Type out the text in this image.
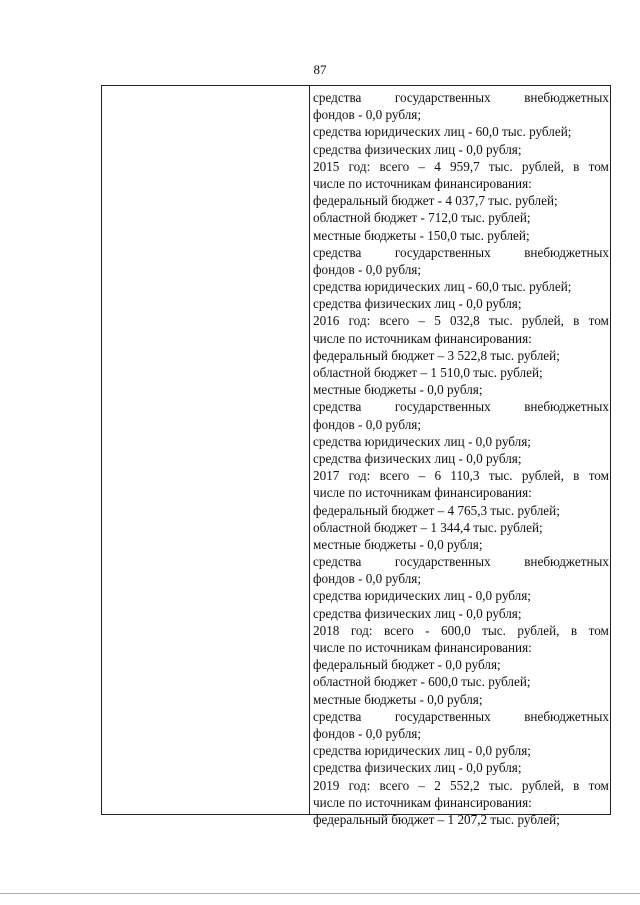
87
средства	государственных	внебюджетных
фондов - 0,0 рубля;
средства юридических лиц - 60,0 тыс. рублей;
средства физических лиц - 0,0 рубля;
2015 год: всего – 4 959,7 тыс. рублей, в том
числе по источникам финансирования:
федеральный бюджет - 4 037,7 тыс. рублей;
областной бюджет - 712,0 тыс. рублей;
местные бюджеты - 150,0 тыс. рублей;
средства	государственных	внебюджетных
фондов - 0,0 рубля;
средства юридических лиц - 60,0 тыс. рублей;
средства физических лиц - 0,0 рубля;
2016 год: всего – 5 032,8 тыс. рублей, в том
числе по источникам финансирования:
федеральный бюджет – 3 522,8 тыс. рублей;
областной бюджет – 1 510,0 тыс. рублей;
местные бюджеты - 0,0 рубля;
средства	государственных	внебюджетных
фондов - 0,0 рубля;
средства юридических лиц - 0,0 рубля;
средства физических лиц - 0,0 рубля;
2017 год: всего – 6 110,3 тыс. рублей, в том
числе по источникам финансирования:
федеральный бюджет – 4 765,3 тыс. рублей;
областной бюджет – 1 344,4 тыс. рублей;
местные бюджеты - 0,0 рубля;
средства	государственных	внебюджетных
фондов - 0,0 рубля;
средства юридических лиц - 0,0 рубля;
средства физических лиц - 0,0 рубля;
2018 год: всего - 600,0 тыс. рублей, в том
числе по источникам финансирования:
федеральный бюджет - 0,0 рубля;
областной бюджет - 600,0 тыс. рублей;
местные бюджеты - 0,0 рубля;
средства	государственных	внебюджетных
фондов - 0,0 рубля;
средства юридических лиц - 0,0 рубля;
средства физических лиц - 0,0 рубля;
2019 год: всего – 2 552,2 тыс. рублей, в том
числе по источникам финансирования:
федеральный бюджет – 1 207,2 тыс. рублей;
